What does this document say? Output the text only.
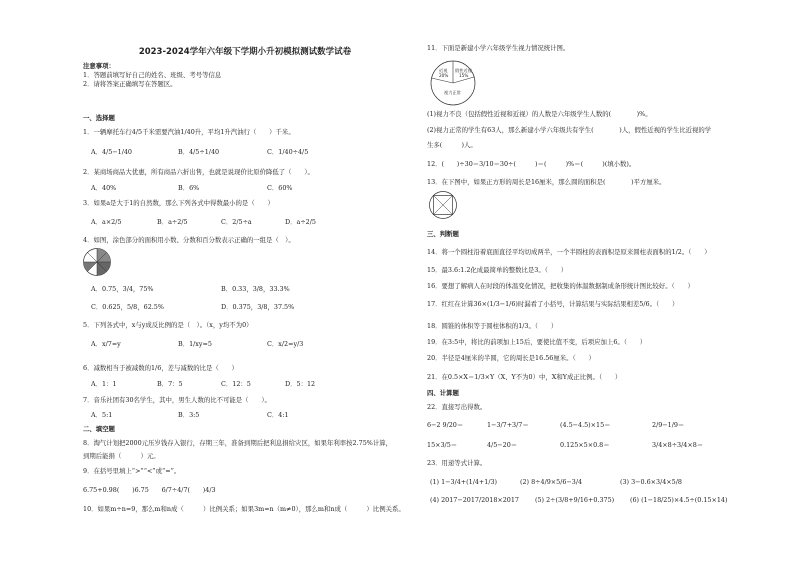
2023-2024学年六年级下学期小升初模拟测试数学试卷
注意事项：
1．答题前填写好自己的姓名、班级、考号等信息
2．请将答案正确填写在答题区。
一、选择题
1．一辆摩托车行4/5千米需要汽油1/40升，平均1升汽油行（　　）千米。
A．4/5−1/40	B．4/5÷1/40	C．1/40÷4/5
2．某商场商品大优惠，所有商品六折出售，也就是说现价比原价降低了（　　）。
A．40%	B．6%	C．60%
3．如果a是大于1的自然数，那么下列各式中得数最小的是（　　）
A．a×2/5	B．a÷2/5	C．2/5÷a	D．a÷2/5
4．如图，涂色部分的面积用小数、分数和百分数表示正确的一组是（　）。
A．0.75，3/4，75%	B．0.33，3/8，33.3%
C．0.625，5/8，62.5%	D．0.375，3/8，37.5%
5．下列各式中，x与y成反比例的是（　）。（x，y均不为0）
A．x/7=y	B．1/xy=5	C．x/2=y/3
6．减数相当于被减数的1/6，差与减数的比是（　　）
A．1：1	B．7：5	C．12：5	D．5：12
7．音乐社团有30名学生，其中，男生人数的比不可能是（　　）。
A．5:1	B．3:5	C．4:1
二、填空题
8．淘气计划把2000元压岁钱存入银行，存期三年，准备到期后把利息捐给灾区，如果年利率按2.75%计算，
到期后能捐（　　　）元。
9．在括号里填上“>”“<”或“=”。
6.75+0.98(　　)6.75　　6/7÷4/7(　　)4/3
10．如果m÷n=9，那么m和n成（　　　）比例关系；如果3m=n（m≠0），那么m和n成（　　　）比例关系。
11．下面是新建小学六年级学生视力情况统计图。
近视
20%
假性近视
15%
视力正常
(1)视力不良（包括假性近视和近视）的人数是六年级学生人数的(　　　　)%。
(2)视力正常的学生有63人，那么新建小学六年级共有学生(　　　　)人，假性近视的学生比近视的学
生多(　　　)人。
12．(　　)÷30＝3/10＝30÷(　　　)＝(　　　)%＝(　　　)(填小数)。
13．在下图中，如果正方形的周长是16厘米，那么圆的面积是(　　　　)平方厘米。
三、判断题
14．将一个圆柱沿着底面直径平均切成两半，一个半圆柱的表面积是原来圆柱表面积的1/2。（　　）
15．最3.6:1.2化成最简单的整数比是3。（　　）
16．要想了解病人在时段的体温变化情况，把收集的体温数据制成条形统计图比较好。（　　）
17．红红在计算36×(1/3−1/6)时漏看了小括号，计算结果与实际结果相差5/6。（　　）
18．圆锥的体积等于圆柱体积的1/3。（　　）
19．在3:5中，将比的前项加上15后，要使比值不变，后项应加上6。（　　）
20．半径是4厘米的半圆，它的周长是16.56厘米。（　　）
21．在0.5×X＝1/3×Y（X、Y不为0）中，X和Y成正比例。（　　）
四、计算题
22．直接写出得数。
6−2 9/20＝	1−3/7+3/7＝	(4.5−4.5)×15＝	2/9−1/9＝
15×3/5＝	4/5−20＝	0.125×5×0.8＝	3/4×8÷3/4×8＝
23．用递等式计算。
(1) 1−3/4+(1/4+1/3)	(2) 8÷4/9×5/6−3/4	(3) 3−0.6×3/4×5/8
(4) 2017−2017/2018×2017 (5) 2÷(3/8+9/16+0.375) (6) (1−18/25)×4.5÷(0.15×14)
